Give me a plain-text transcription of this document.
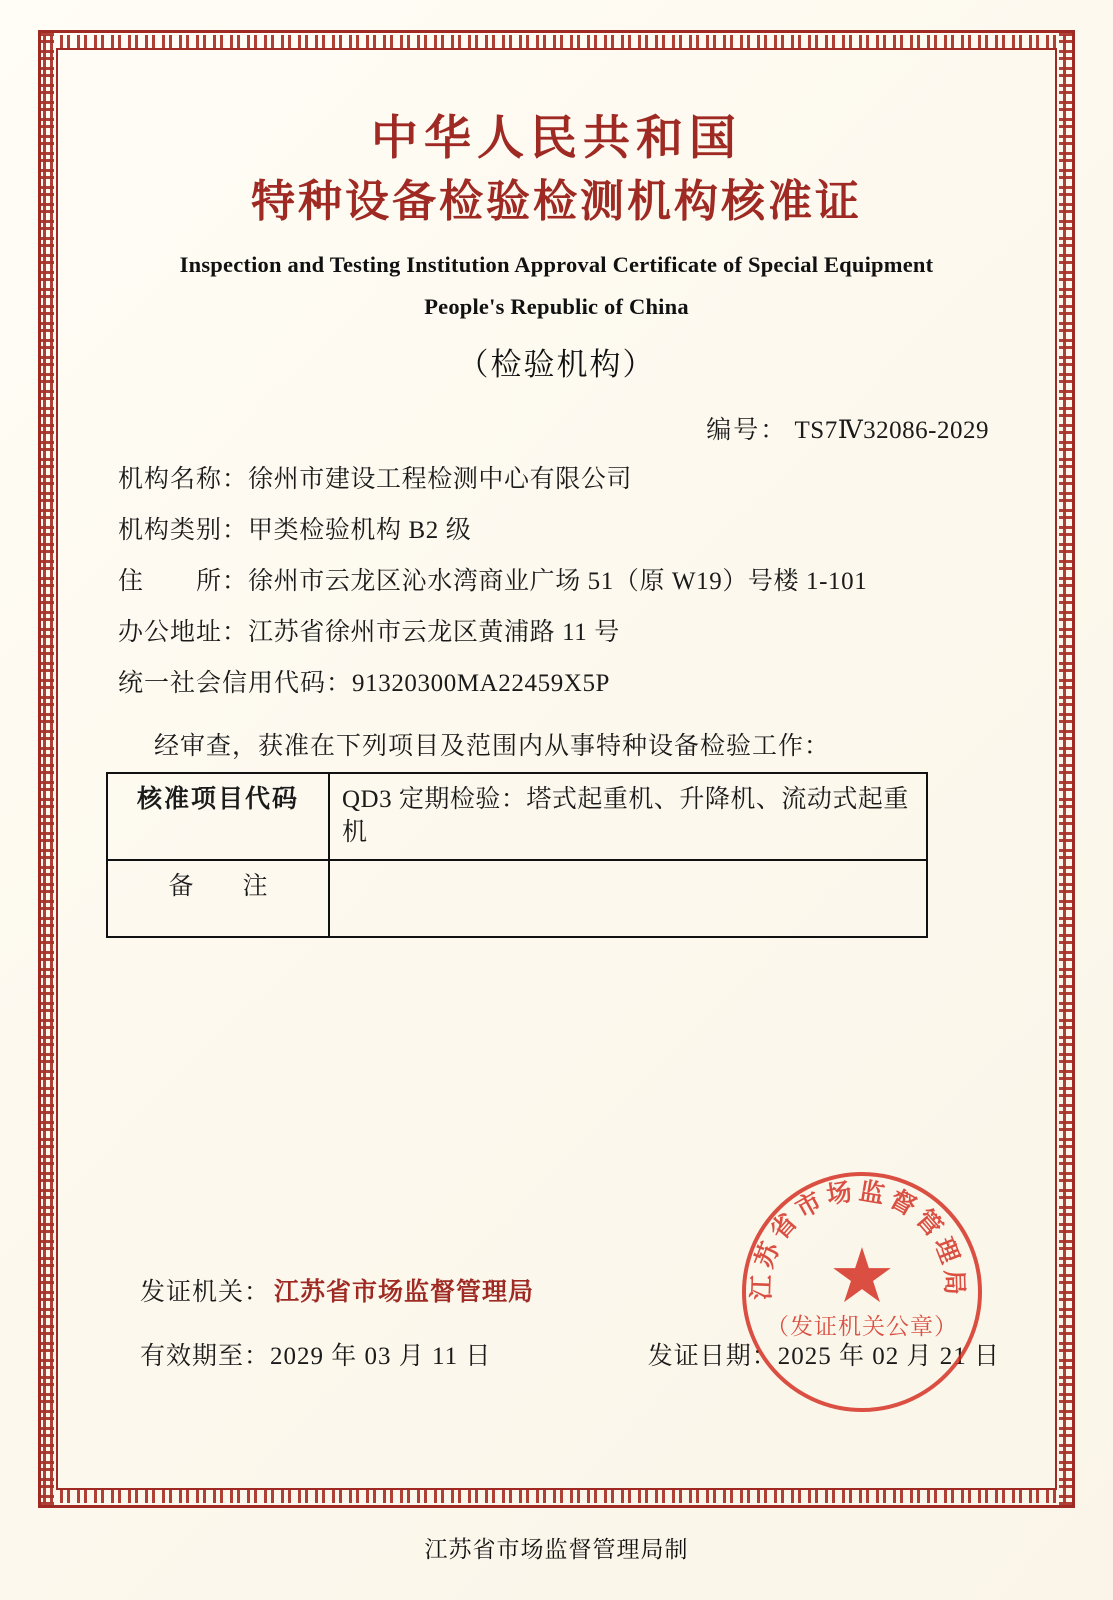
中华人民共和国
特种设备检验检测机构核准证
Inspection and Testing Institution Approval Certificate of Special Equipment
People's Republic of China
（检验机构）
编号： TS7Ⅳ32086-2029
机构名称： 徐州市建设工程检测中心有限公司
机构类别： 甲类检验机构 B2 级
住　　所： 徐州市云龙区沁水湾商业广场 51（原 W19）号楼 1-101
办公地址： 江苏省徐州市云龙区黄浦路 11 号
统一社会信用代码： 91320300MA22459X5P
经审查，获准在下列项目及范围内从事特种设备检验工作：
核准项目代码	QD3 定期检验：塔式起重机、升降机、流动式起重机
备　注	
发证机关： 江苏省市场监督管理局
有效期至：2029 年 03 月 11 日	发证日期：2025 年 02 月 21 日
江苏省市场监督管理局
★
（发证机关公章）
江苏省市场监督管理局制
